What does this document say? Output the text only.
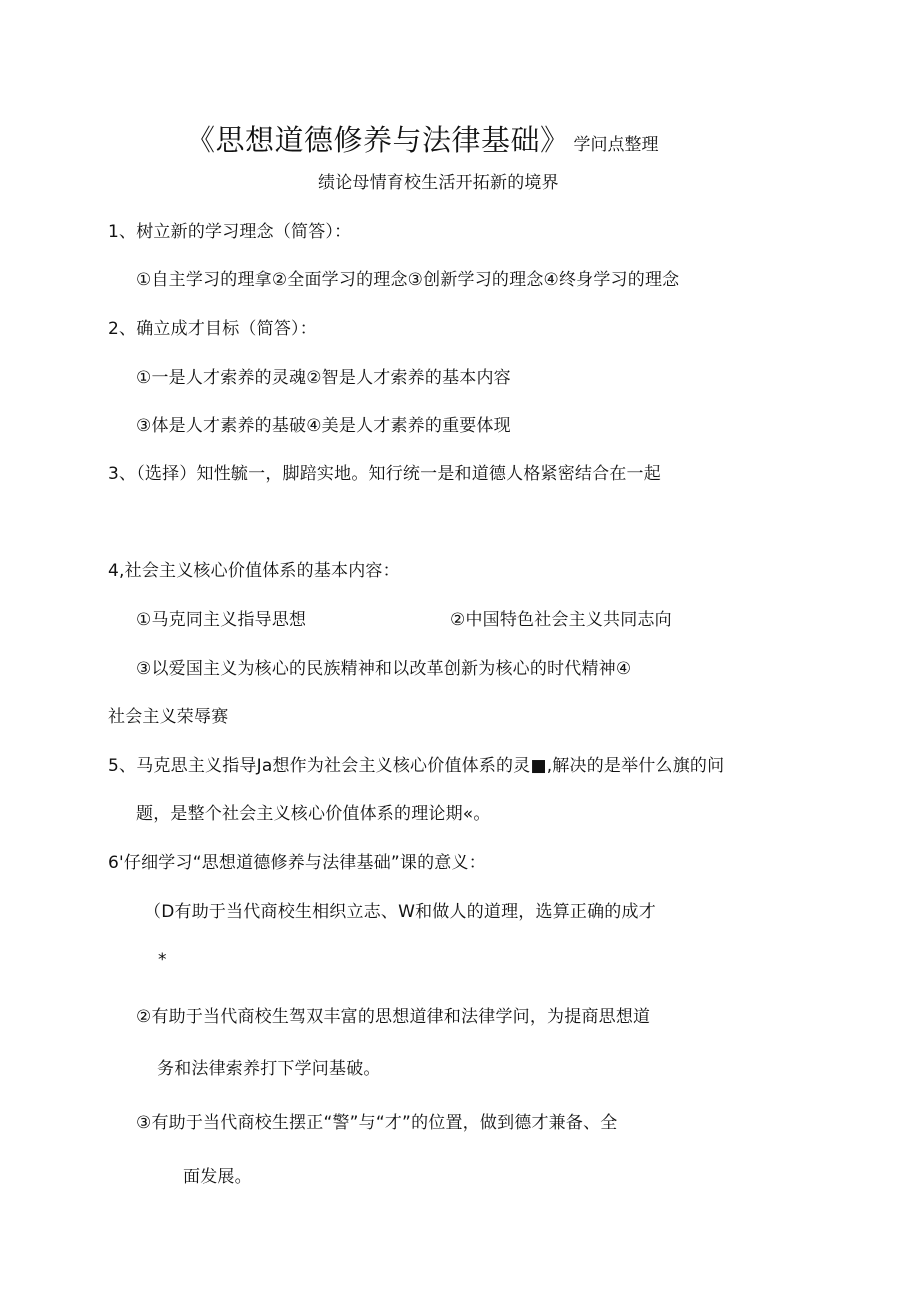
《思想道德修养与法律基础》 学问点整理
绩论母情育校生活开拓新的境界
1、树立新的学习理念（简答）：
①自主学习的理拿②全面学习的理念③创新学习的理念④终身学习的理念
2、确立成才目标（简答）：
①一是人才索养的灵魂②智是人才索养的基本内容
③体是人才素养的基破④美是人才素养的重要体现
3、（选择）知性毓一，脚踣实地。知行统一是和道德人格紧密结合在一起
4,社会主义核心价值体系的基本内容：
①马克同主义指导思想	②中国特色社会主义共同志向
③以爱国主义为核心的民族精神和以改革创新为核心的时代精神④
社会主义荣辱赛
5、马克思主义指导Ja想作为社会主义核心价值体系的灵■,解决的是举什么旗的问
题，是整个社会主义核心价值体系的理论期«。
6'仔细学习“思想道德修养与法律基础”课的意义：
（D有助于当代商校生相织立志、W和做人的道理，选算正确的成才
*
②有助于当代商校生驾双丰富的思想道律和法律学问，为提商思想道
务和法律索养打下学问基破。
③有助于当代商校生摆正“警”与“才”的位置，做到德才兼备、全
面发展。
